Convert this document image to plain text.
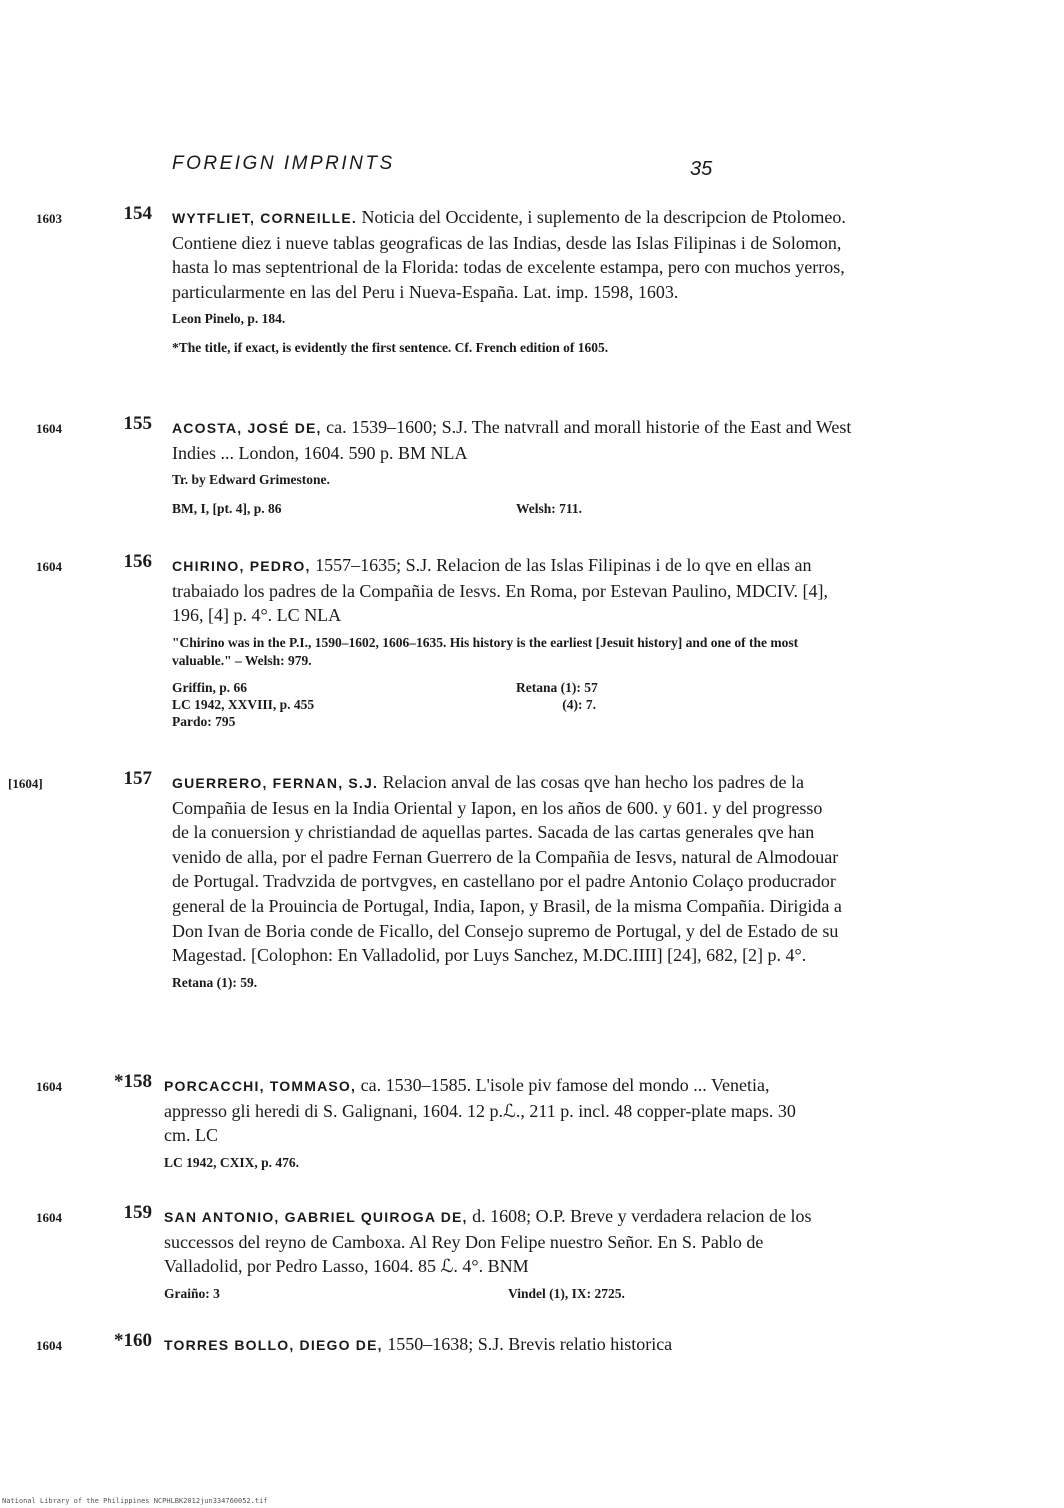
FOREIGN IMPRINTS	35
1603	154 WYTFLIET, CORNEILLE. Noticia del Occidente, i suplemento de la descripcion de Ptolomeo. Contiene diez i nueve tablas geograficas de las Indias, desde las Islas Filipinas i de Solomon, hasta lo mas septentrional de la Florida: todas de excelente estampa, pero con muchos yerros, particularmente en las del Peru i Nueva-España. Lat. imp. 1598, 1603.
Leon Pinelo, p. 184.
*The title, if exact, is evidently the first sentence. Cf. French edition of 1605.
1604	155 ACOSTA, JOSÉ DE, ca. 1539–1600; S.J. The natvrall and morall historie of the East and West Indies ... London, 1604. 590 p. BM NLA
Tr. by Edward Grimestone.
BM, I, [pt. 4], p. 86	Welsh: 711.
1604	156 CHIRINO, PEDRO, 1557–1635; S.J. Relacion de las Islas Filipinas i de lo qve en ellas an trabaiado los padres de la Compañia de Iesvs. En Roma, por Estevan Paulino, MDCIV. [4], 196, [4] p. 4°. LC NLA
"Chirino was in the P.I., 1590–1602, 1606–1635. His history is the earliest [Jesuit history] and one of the most valuable." – Welsh: 979.
Griffin, p. 66	Retana (1): 57
LC 1942, XXVIII, p. 455	(4): 7.
Pardo: 795
[1604]	157 GUERRERO, FERNAN, S.J. Relacion anval de las cosas qve han hecho los padres de la Compañia de Iesus en la India Oriental y Iapon, en los años de 600. y 601. y del progresso de la conuersion y christiandad de aquellas partes. Sacada de las cartas generales qve han venido de alla, por el padre Fernan Guerrero de la Compañia de Iesvs, natural de Almodouar de Portugal. Tradvzida de portvgves, en castellano por el padre Antonio Colaço producrador general de la Prouincia de Portugal, India, Iapon, y Brasil, de la misma Compañia. Dirigida a Don Ivan de Boria conde de Ficallo, del Consejo supremo de Portugal, y del de Estado de su Magestad. [Colophon: En Valladolid, por Luys Sanchez, M.DC.IIII] [24], 682, [2] p. 4°.
Retana (1): 59.
1604	*158 PORCACCHI, TOMMASO, ca. 1530–1585. L'isole piv famose del mondo ... Venetia, appresso gli heredi di S. Galignani, 1604. 12 p.ℒ., 211 p. incl. 48 copper-plate maps. 30 cm. LC
LC 1942, CXIX, p. 476.
1604	159 SAN ANTONIO, GABRIEL QUIROGA DE, d. 1608; O.P. Breve y verdadera relacion de los successos del reyno de Camboxa. Al Rey Don Felipe nuestro Señor. En S. Pablo de Valladolid, por Pedro Lasso, 1604. 85 ℒ. 4°. BNM
Graiño: 3	Vindel (1), IX: 2725.
1604	*160 TORRES BOLLO, DIEGO DE, 1550–1638; S.J. Brevis relatio historica
National Library of the Philippines NCPHLBK2012jun334760052.tif
